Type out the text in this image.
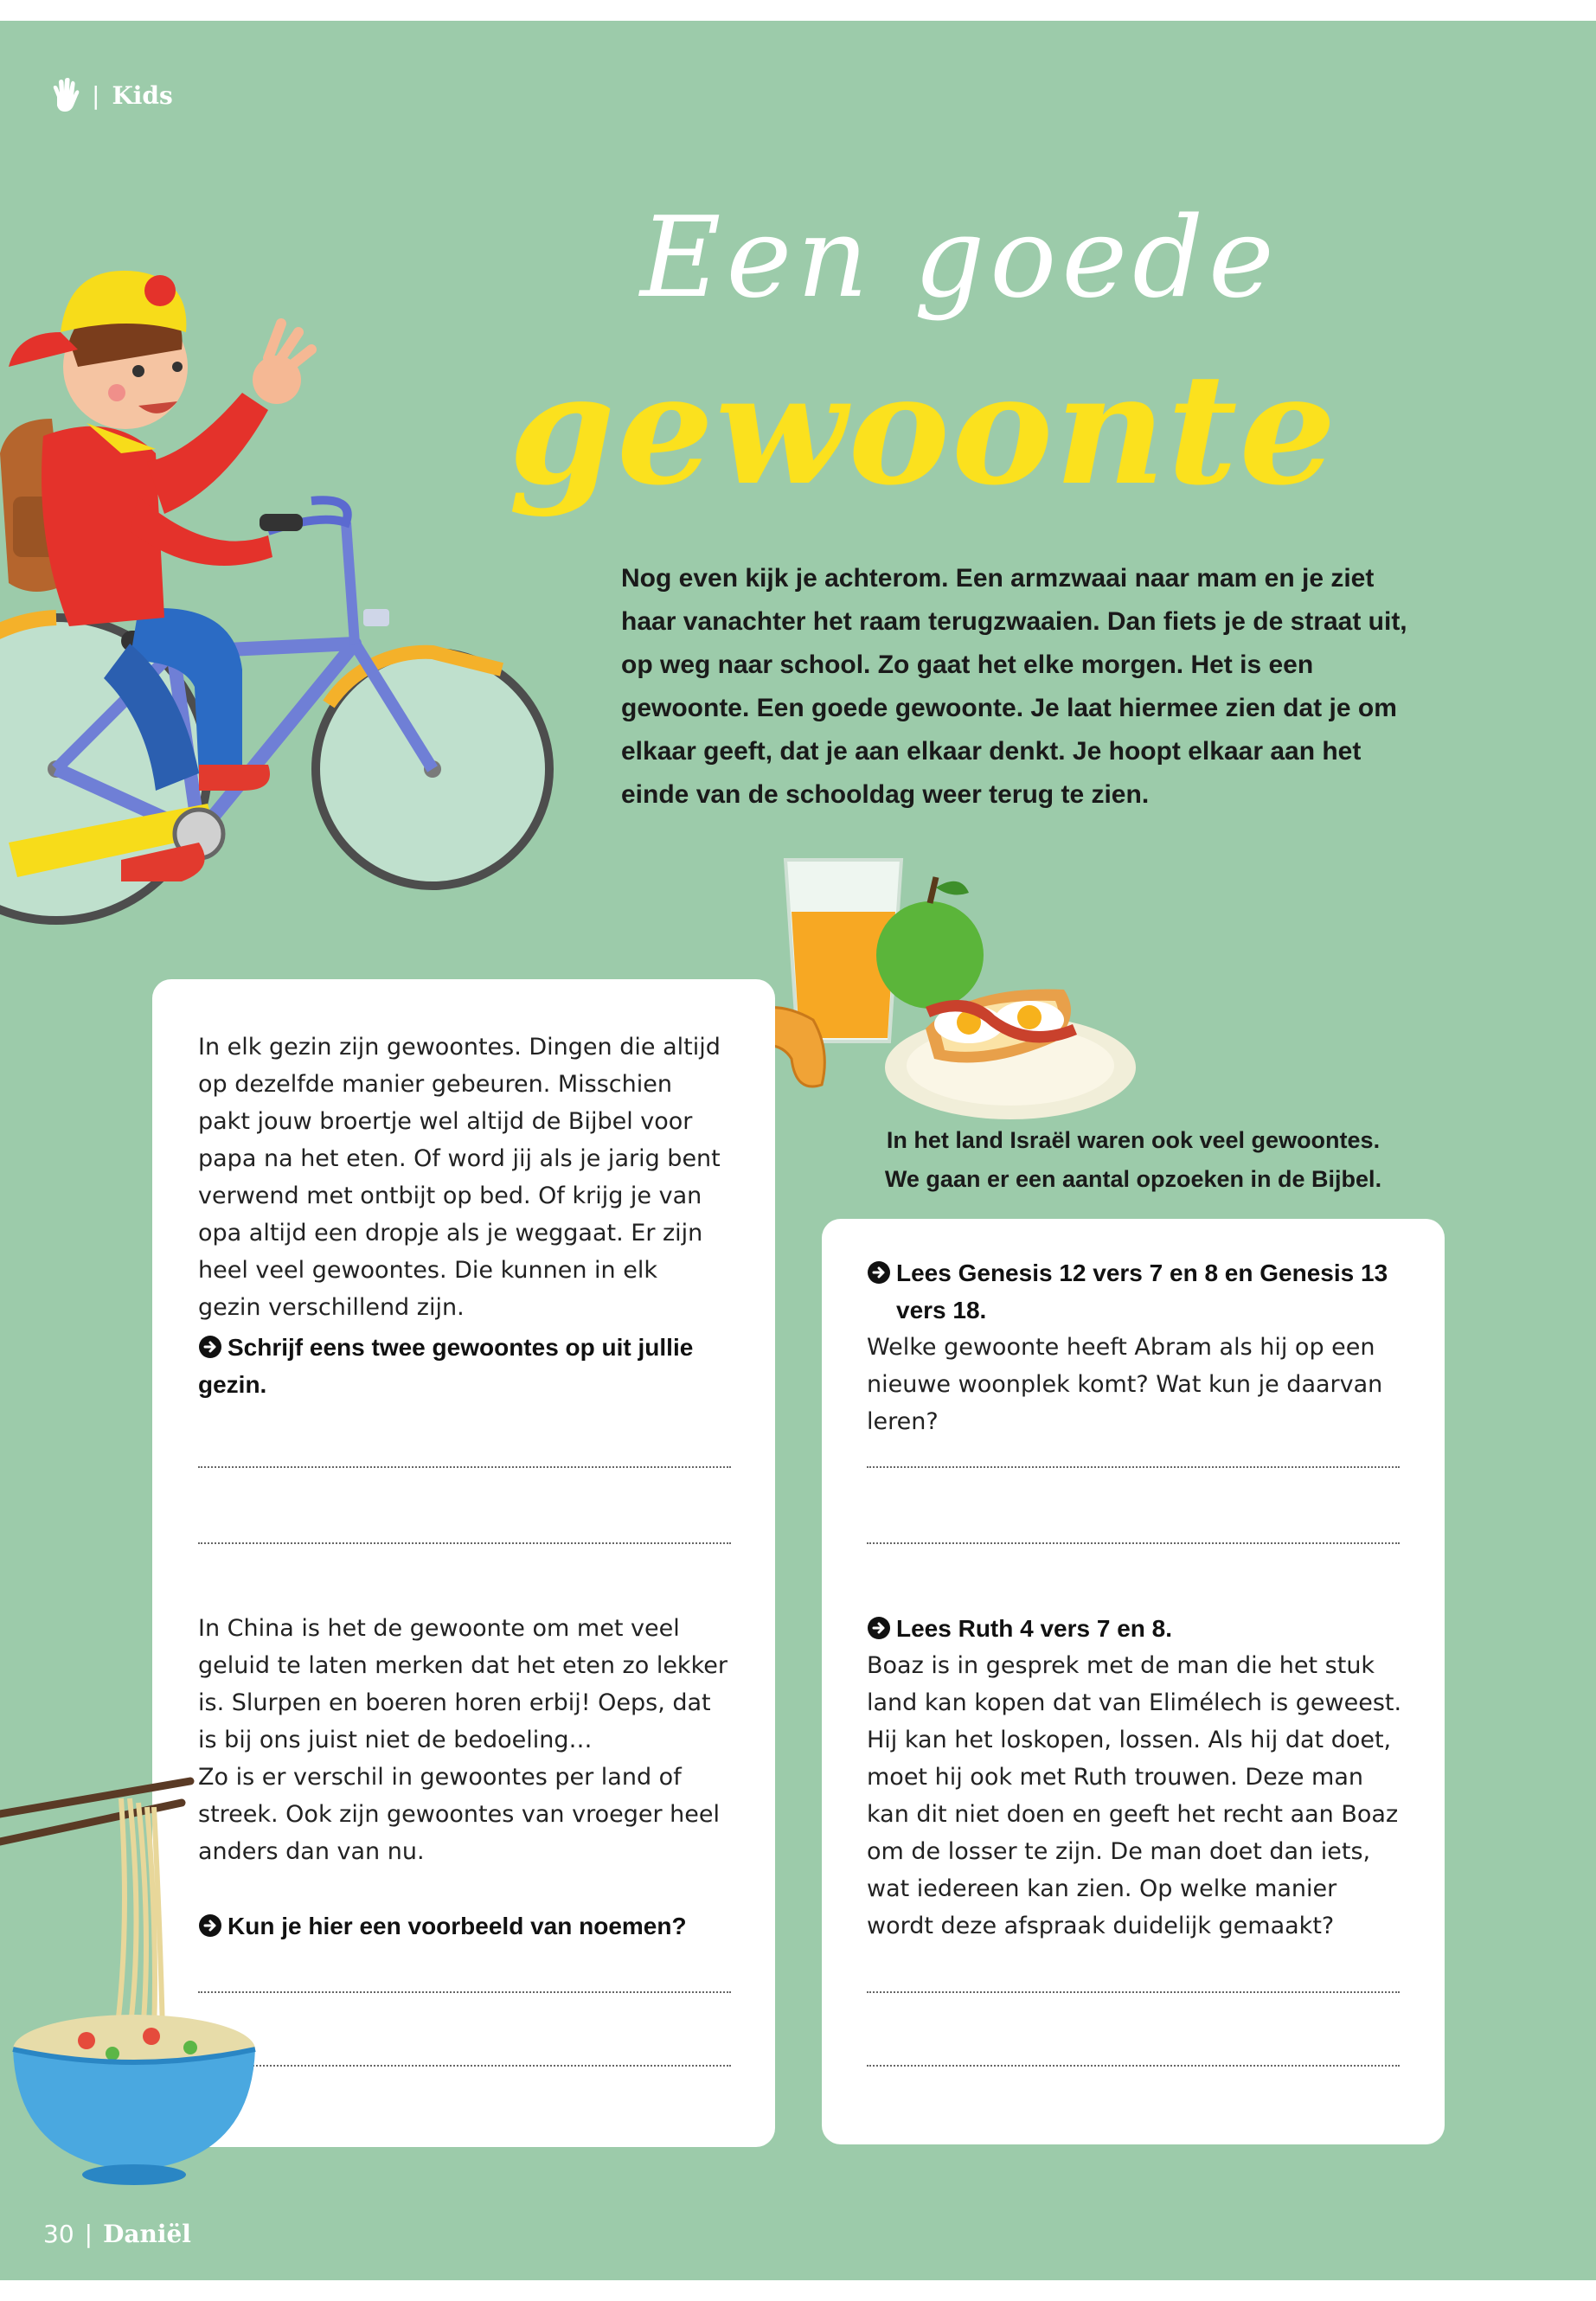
| Kids
Een goede
gewoonte
Nog even kijk je achterom. Een armzwaai naar mam en je ziet haar vanachter het raam terugzwaaien. Dan fiets je de straat uit, op weg naar school. Zo gaat het elke morgen. Het is een gewoonte. Een goede gewoonte. Je laat hiermee zien dat je om elkaar geeft, dat je aan elkaar denkt. Je hoopt elkaar aan het einde van de schooldag weer terug te zien.
In elk gezin zijn gewoontes. Dingen die altijd op dezelfde manier gebeuren. Misschien pakt jouw broertje wel altijd de Bijbel voor papa na het eten. Of word jij als je jarig bent verwend met ontbijt op bed. Of krijg je van opa altijd een dropje als je weggaat. Er zijn heel veel gewoontes. Die kunnen in elk gezin verschillend zijn.
Schrijf eens twee gewoontes op uit jullie gezin.
In China is het de gewoonte om met veel geluid te laten merken dat het eten zo lekker is. Slurpen en boeren horen erbij! Oeps, dat is bij ons juist niet de bedoeling…
Zo is er verschil in gewoontes per land of streek. Ook zijn gewoontes van vroeger heel anders dan van nu.
Kun je hier een voorbeeld van noemen?
In het land Israël waren ook veel gewoontes.
We gaan er een aantal opzoeken in de Bijbel.
Lees Genesis 12 vers 7 en 8 en Genesis 13 vers 18.
Welke gewoonte heeft Abram als hij op een nieuwe woonplek komt? Wat kun je daarvan leren?
Lees Ruth 4 vers 7 en 8.
Boaz is in gesprek met de man die het stuk land kan kopen dat van Elimélech is geweest. Hij kan het loskopen, lossen. Als hij dat doet, moet hij ook met Ruth trouwen. Deze man kan dit niet doen en geeft het recht aan Boaz om de losser te zijn. De man doet dan iets, wat iedereen kan zien. Op welke manier wordt deze afspraak duidelijk gemaakt?
30 | Daniël
